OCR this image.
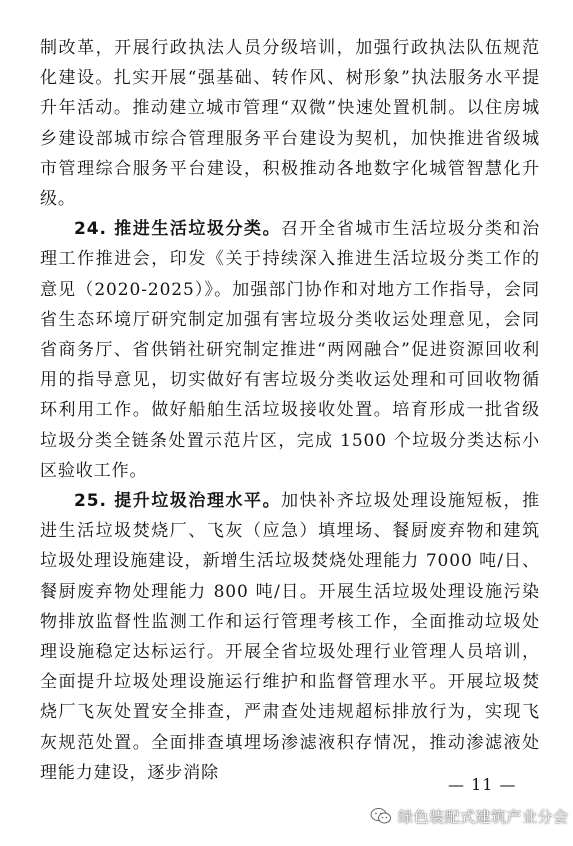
制改革，开展行政执法人员分级培训，加强行政执法队伍规范化建设。扎实开展“强基础、转作风、树形象”执法服务水平提升年活动。推动建立城市管理“双微”快速处置机制。以住房城乡建设部城市综合管理服务平台建设为契机，加快推进省级城市管理综合服务平台建设，积极推动各地数字化城管智慧化升级。

24. 推进生活垃圾分类。召开全省城市生活垃圾分类和治理工作推进会，印发《关于持续深入推进生活垃圾分类工作的意见（2020-2025）》。加强部门协作和对地方工作指导，会同省生态环境厅研究制定加强有害垃圾分类收运处理意见，会同省商务厅、省供销社研究制定推进“两网融合”促进资源回收利用的指导意见，切实做好有害垃圾分类收运处理和可回收物循环利用工作。做好船舶生活垃圾接收处置。培育形成一批省级垃圾分类全链条处置示范片区，完成 1500 个垃圾分类达标小区验收工作。

25. 提升垃圾治理水平。加快补齐垃圾处理设施短板，推进生活垃圾焚烧厂、飞灰（应急）填埋场、餐厨废弃物和建筑垃圾处理设施建设，新增生活垃圾焚烧处理能力 7000 吨/日、餐厨废弃物处理能力 800 吨/日。开展生活垃圾处理设施污染物排放监督性监测工作和运行管理考核工作，全面推动垃圾处理设施稳定达标运行。开展全省垃圾处理行业管理人员培训，全面提升垃圾处理设施运行维护和监督管理水平。开展垃圾焚烧厂飞灰处置安全排查，严肃查处违规超标排放行为，实现飞灰规范处置。全面排查填埋场渗滤液积存情况，推动渗滤液处理能力建设，逐步消除

— 11 —
绿色装配式建筑产业分会
